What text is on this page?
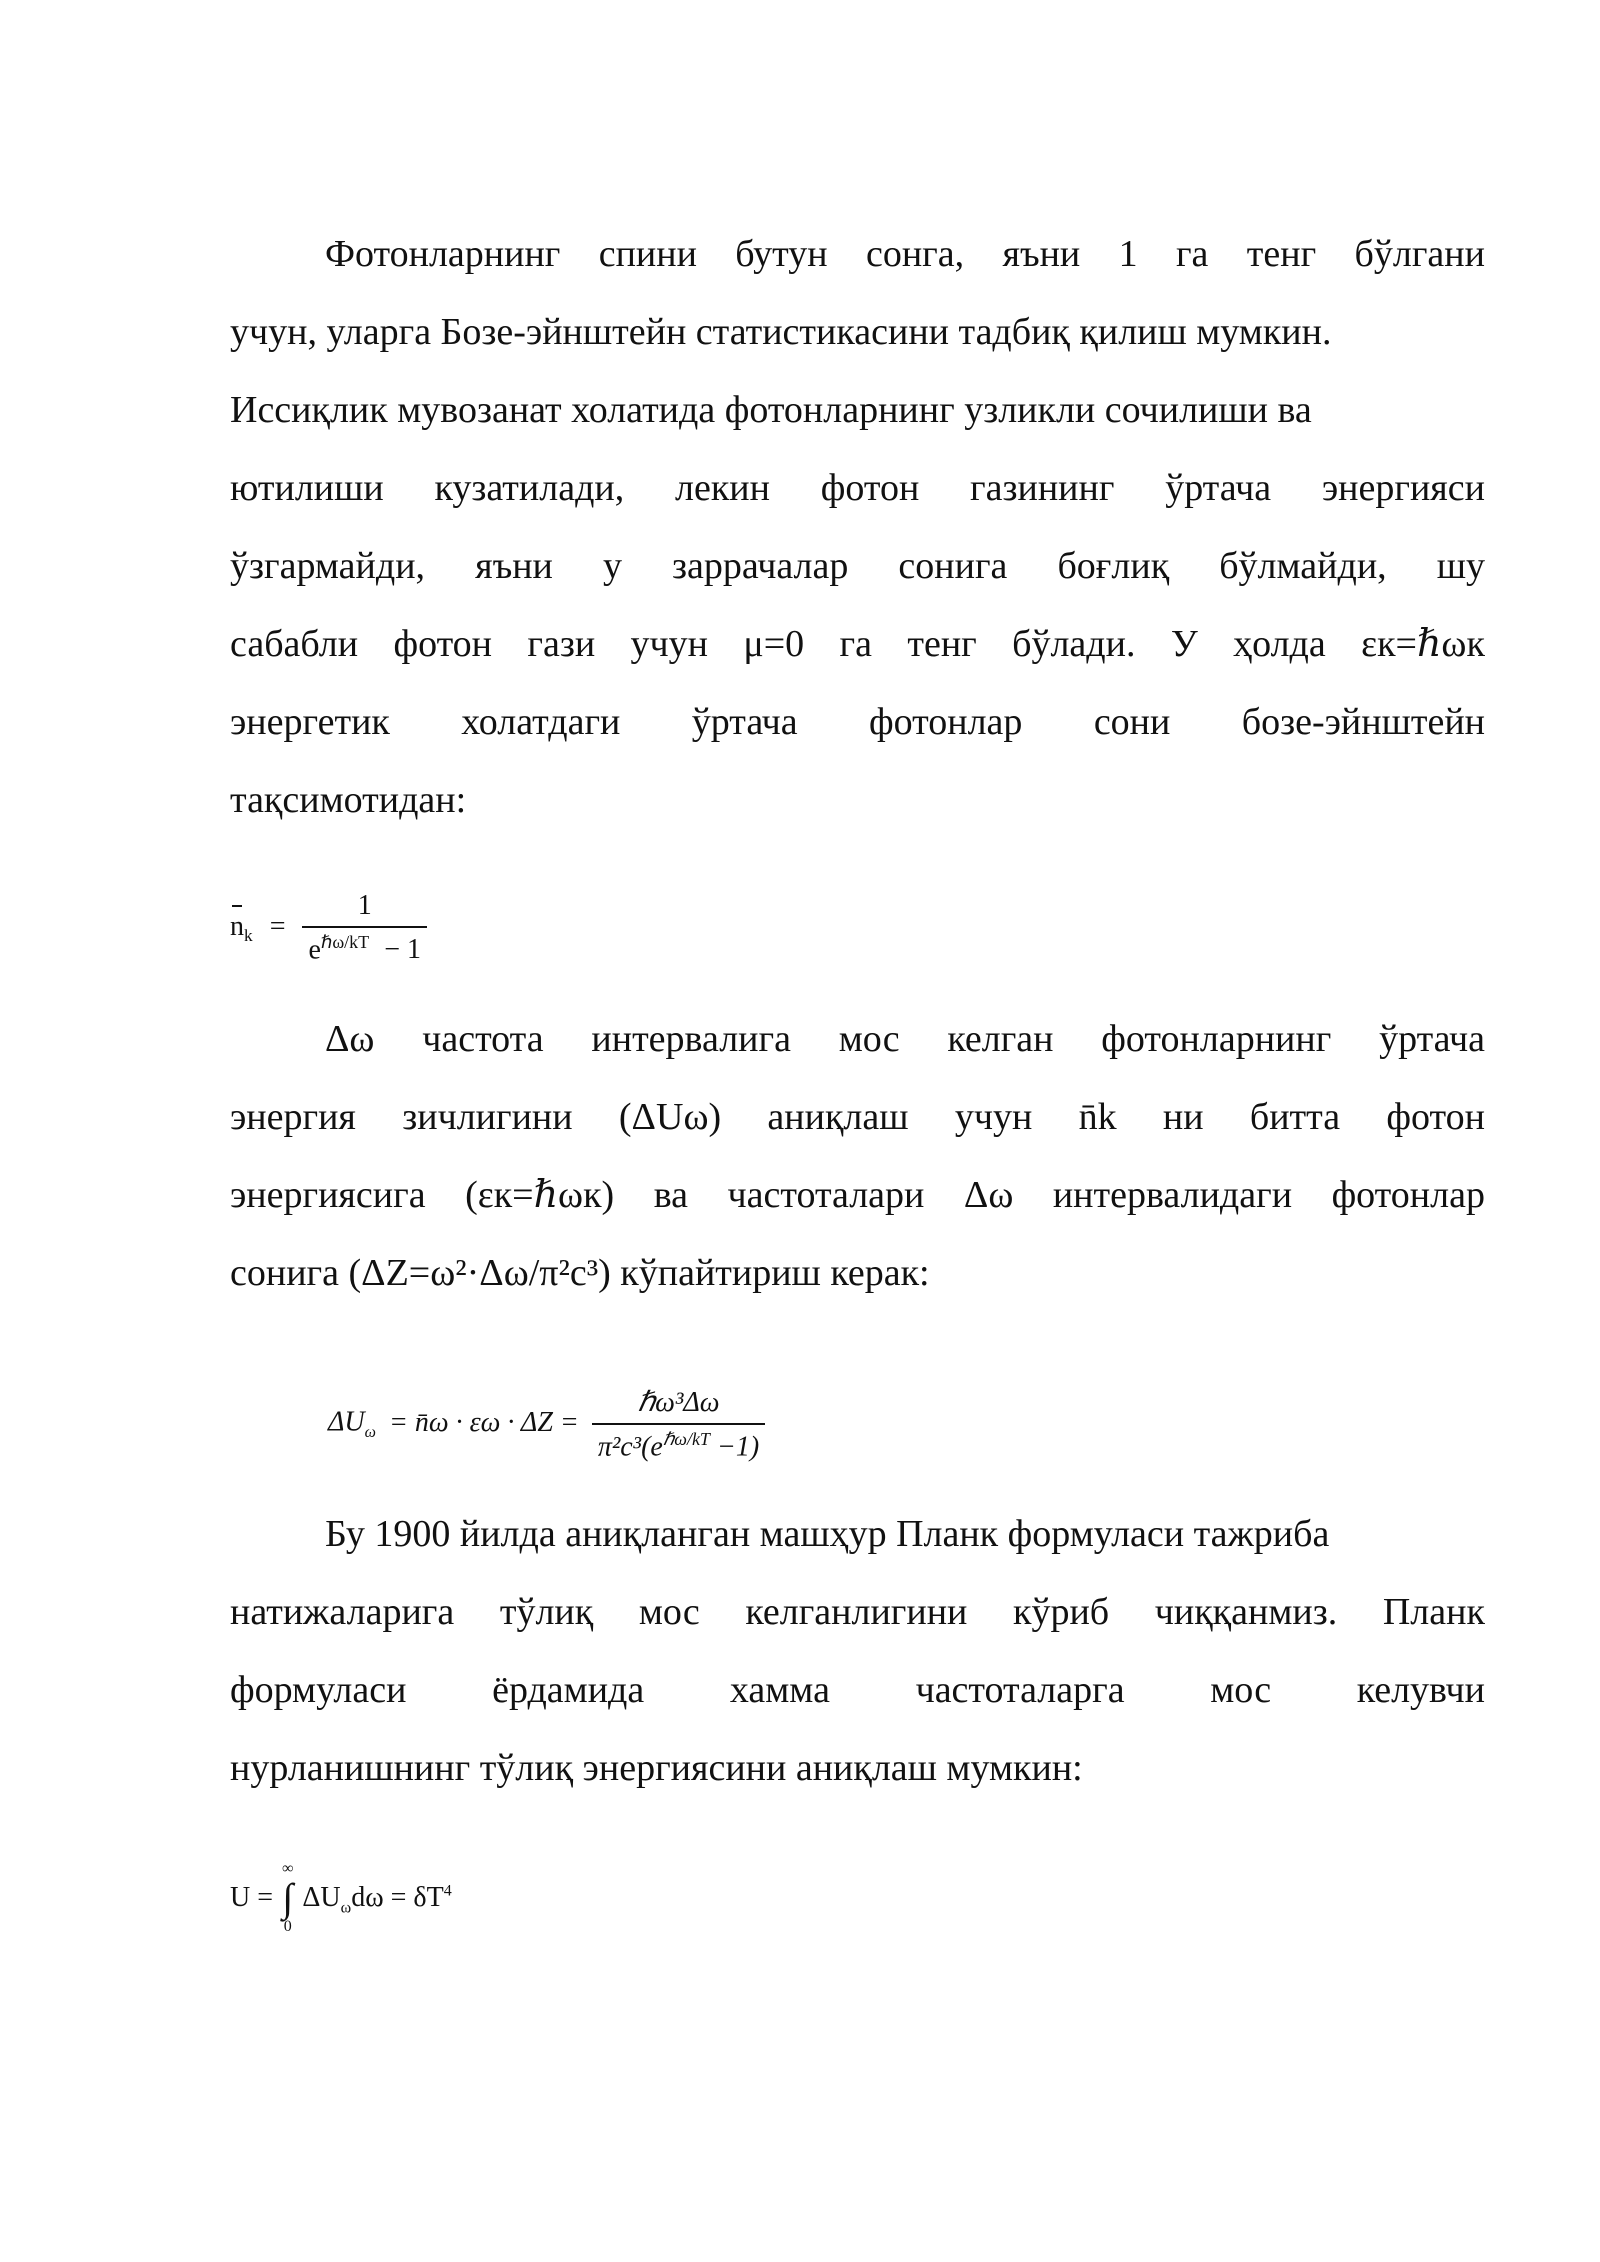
Фотонларнинг спини бутун сонга, яъни 1 га тенг бўлгани
учун, уларга Бозе-эйнштейн статистикасини тадбиқ қилиш мумкин.
Иссиқлик мувозанат холатида фотонларнинг узликли сочилиши ва
ютилиши кузатилади, лекин фотон газининг ўртача энергияси
ўзгармайди, яъни у заррачалар сонига боғлиқ бўлмайди, шу
сабабли фотон гази учун μ=0 га тенг бўлади. У ҳолда εк=ℏωк
энергетик холатдаги ўртача фотонлар сони бозе-эйнштейн
тақсимотидан:
$n_k = \frac{1}{e^{\hbar\omega/kT} - 1}$
Δω частота интервалига мос келган фотонларнинг ўртача
энергия зичлигини (ΔUω) аниқлаш учун n̄k ни битта фотон
энергиясига (εк=ℏωк) ва частоталари Δω интервалидаги фотонлар
сонига (ΔZ=ω²·Δω/π²c³) кўпайтириш керак:
$\Delta U_\omega$ = n̄ω · $\varepsilon\omega \cdot \Delta Z = \frac{\text{ℏω³Δω}}{\pi^2c^3(e^{\hbar\omega/kT} -1)}$
Бу 1900 йилда аниқланган машҳур Планк формуласи тажриба
натижаларига тўлиқ мос келганлигини кўриб чиққанмиз. Планк
формуласи ёрдамида хамма частоталарга мос келувчи
нурланишнинг тўлиқ энергиясини аниқлаш мумкин:
U =
∞
∫
0
$\Delta U_\omega d\omega = \delta T^4$
